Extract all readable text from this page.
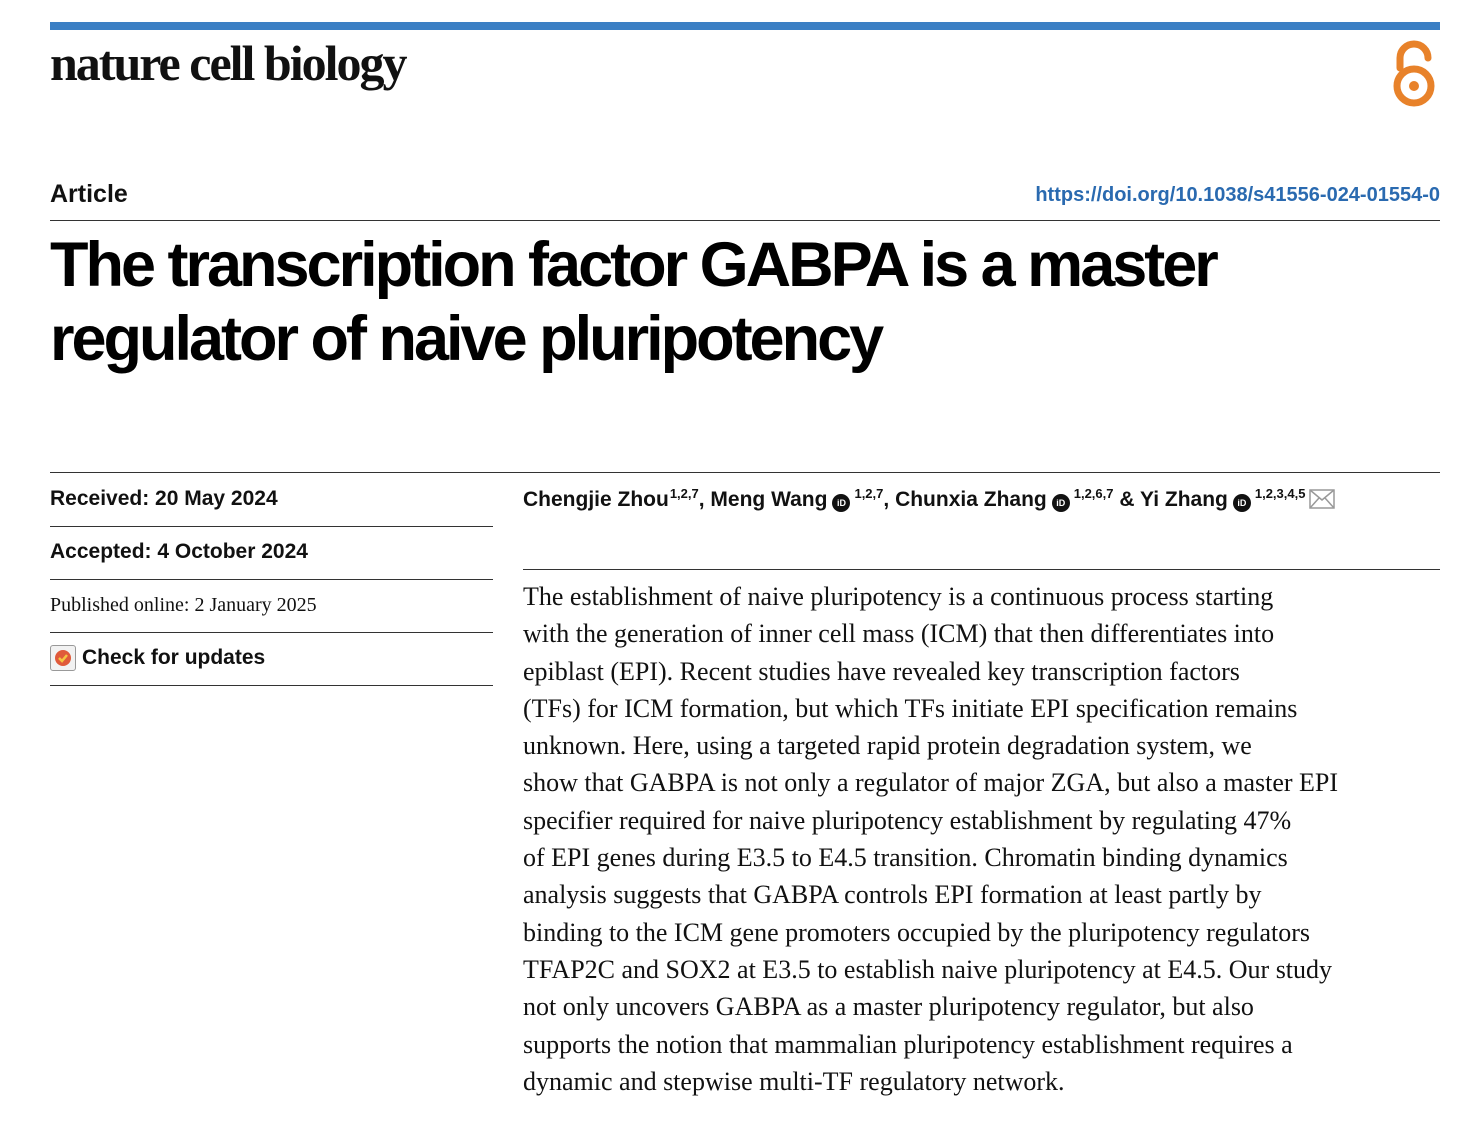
nature cell biology
Article	https://doi.org/10.1038/s41556-024-01554-0
The transcription factor GABPA is a master regulator of naive pluripotency
Received: 20 May 2024
Accepted: 4 October 2024
Published online: 2 January 2025
Check for updates
Chengjie Zhou$^{1,2,7}$, Meng Wang iD$^{1,2,7}$, Chunxia Zhang iD$^{1,2,6,7}$ & Yi Zhang iD$^{1,2,3,4,5}$
The establishment of naive pluripotency is a continuous process starting
with the generation of inner cell mass (ICM) that then differentiates into
epiblast (EPI). Recent studies have revealed key transcription factors
(TFs) for ICM formation, but which TFs initiate EPI specification remains
unknown. Here, using a targeted rapid protein degradation system, we
show that GABPA is not only a regulator of major ZGA, but also a master EPI
specifier required for naive pluripotency establishment by regulating 47%
of EPI genes during E3.5 to E4.5 transition. Chromatin binding dynamics
analysis suggests that GABPA controls EPI formation at least partly by
binding to the ICM gene promoters occupied by the pluripotency regulators
TFAP2C and SOX2 at E3.5 to establish naive pluripotency at E4.5. Our study
not only uncovers GABPA as a master pluripotency regulator, but also
supports the notion that mammalian pluripotency establishment requires a
dynamic and stepwise multi-TF regulatory network.
